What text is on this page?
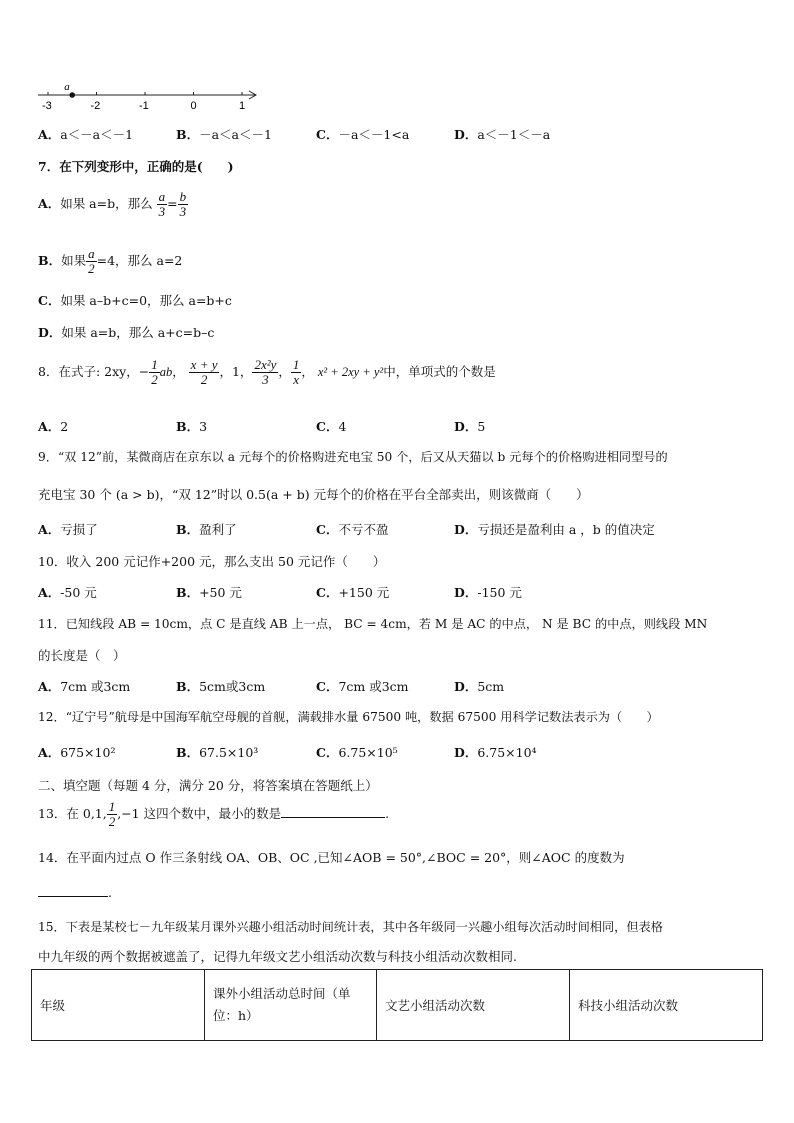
a
-3	-2	-1	0	1
A．a＜－a＜－1	B．－a＜a＜－1	C．－a＜－1<a	D．a＜－1＜－a
7．在下列变形中，正确的是(　　)
A．如果 a=b，那么 $\frac{a}{3} = \frac{b}{3}$
B．如果 $\frac{a}{2} =4$，那么 a=2
C．如果 a–b+c=0，那么 a=b+c
D．如果 a=b，那么 a+c=b–c
8．在式子: 2xy，− $\frac{1}{2}$ ab， $\frac{x + y}{2}$ ，1， $\frac{\text{2x²y}}{3}$ ， $\frac{1}{x}$ ， x² + 2xy + y²中，单项式的个数是
A．2	B．3	C．4	D．5
9．“双 12”前，某微商店在京东以 a 元每个的价格购进充电宝 50 个，后又从天猫以 b 元每个的价格购进相同型号的
充电宝 30 个 (a > b)，“双 12”时以 0.5(a + b) 元每个的价格在平台全部卖出，则该微商（　　）
A．亏损了	B．盈利了	C．不亏不盈	D．亏损还是盈利由 a ，b 的值决定
10．收入 200 元记作+200 元，那么支出 50 元记作（　　）
A．-50 元	B．+50 元	C．+150 元	D．-150 元
11．已知线段 AB = 10cm，点 C 是直线 AB 上一点， BC = 4cm，若 M 是 AC 的中点， N 是 BC 的中点，则线段 MN
的长度是（　）
A．7cm 或3cm	B．5cm或3cm	C．7cm 或3cm	D．5cm
12．“辽宁号”航母是中国海军航空母舰的首舰，满载排水量 67500 吨，数据 67500 用科学记数法表示为（　　）
A．675×10²	B．67.5×10³	C．6.75×10⁵	D．6.75×10⁴
二、填空题（每题 4 分，满分 20 分，将答案填在答题纸上）
13．在 0,1, $\frac{1}{2} ,-1$ 这四个数中，最小的数是	.
14．在平面内过点 O 作三条射线 OA、OB、OC ,已知∠AOB = 50°,∠BOC = 20°，则∠AOC 的度数为
.
15．下表是某校七－九年级某月课外兴趣小组活动时间统计表，其中各年级同一兴趣小组每次活动时间相同，但表格
中九年级的两个数据被遮盖了，记得九年级文艺小组活动次数与科技小组活动次数相同.
年级	课外小组活动总时间（单位：h）	文艺小组活动次数	科技小组活动次数
